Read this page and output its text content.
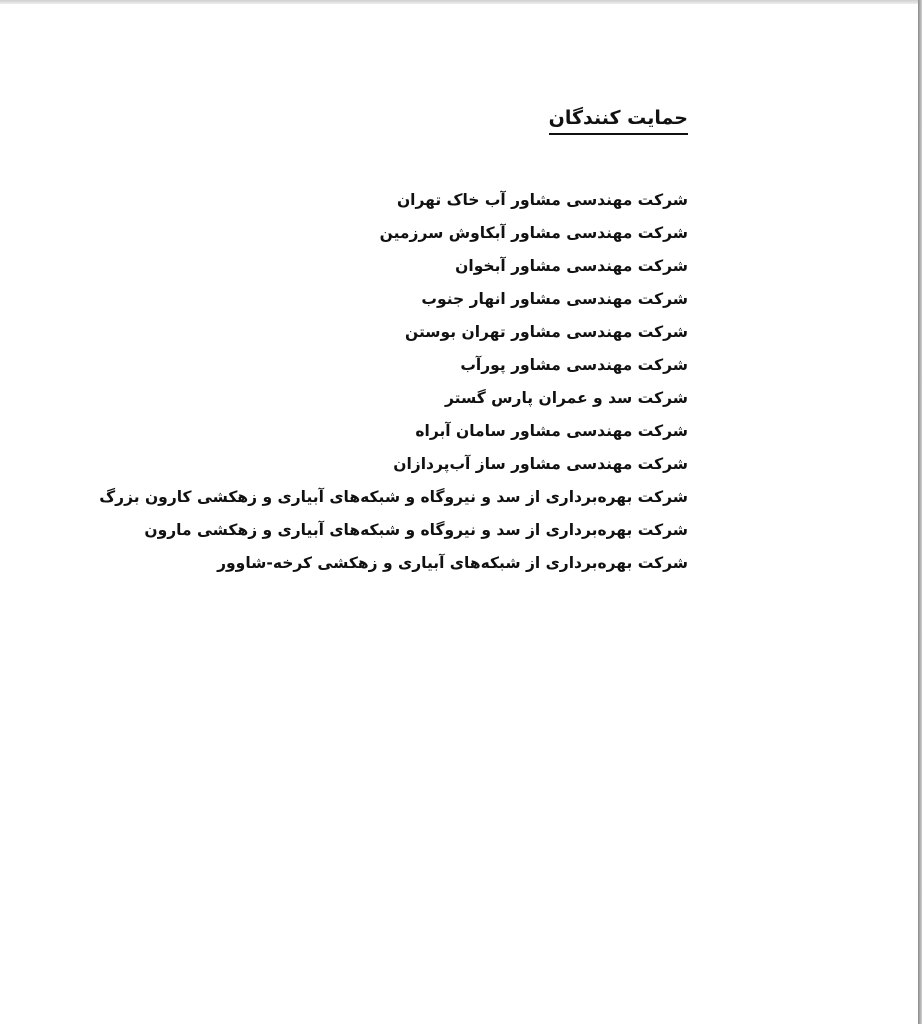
حمایت کنندگان
شرکت مهندسی مشاور آب خاک تهران
شرکت مهندسی مشاور آبکاوش سرزمین
شرکت مهندسی مشاور آبخوان
شرکت مهندسی مشاور انهار جنوب
شرکت مهندسی مشاور تهران بوستن
شرکت مهندسی مشاور پورآب
شرکت سد و عمران پارس گستر
شرکت مهندسی مشاور سامان آبراه
شرکت مهندسی مشاور ساز آب‌پردازان
شرکت بهره‌برداری از سد و نیروگاه و شبکه‌های آبیاری و زهکشی کارون بزرگ
شرکت بهره‌برداری از سد و نیروگاه و شبکه‌های آبیاری و زهکشی مارون
شرکت بهره‌برداری از شبکه‌های آبیاری و زهکشی کرخه-شاوور
